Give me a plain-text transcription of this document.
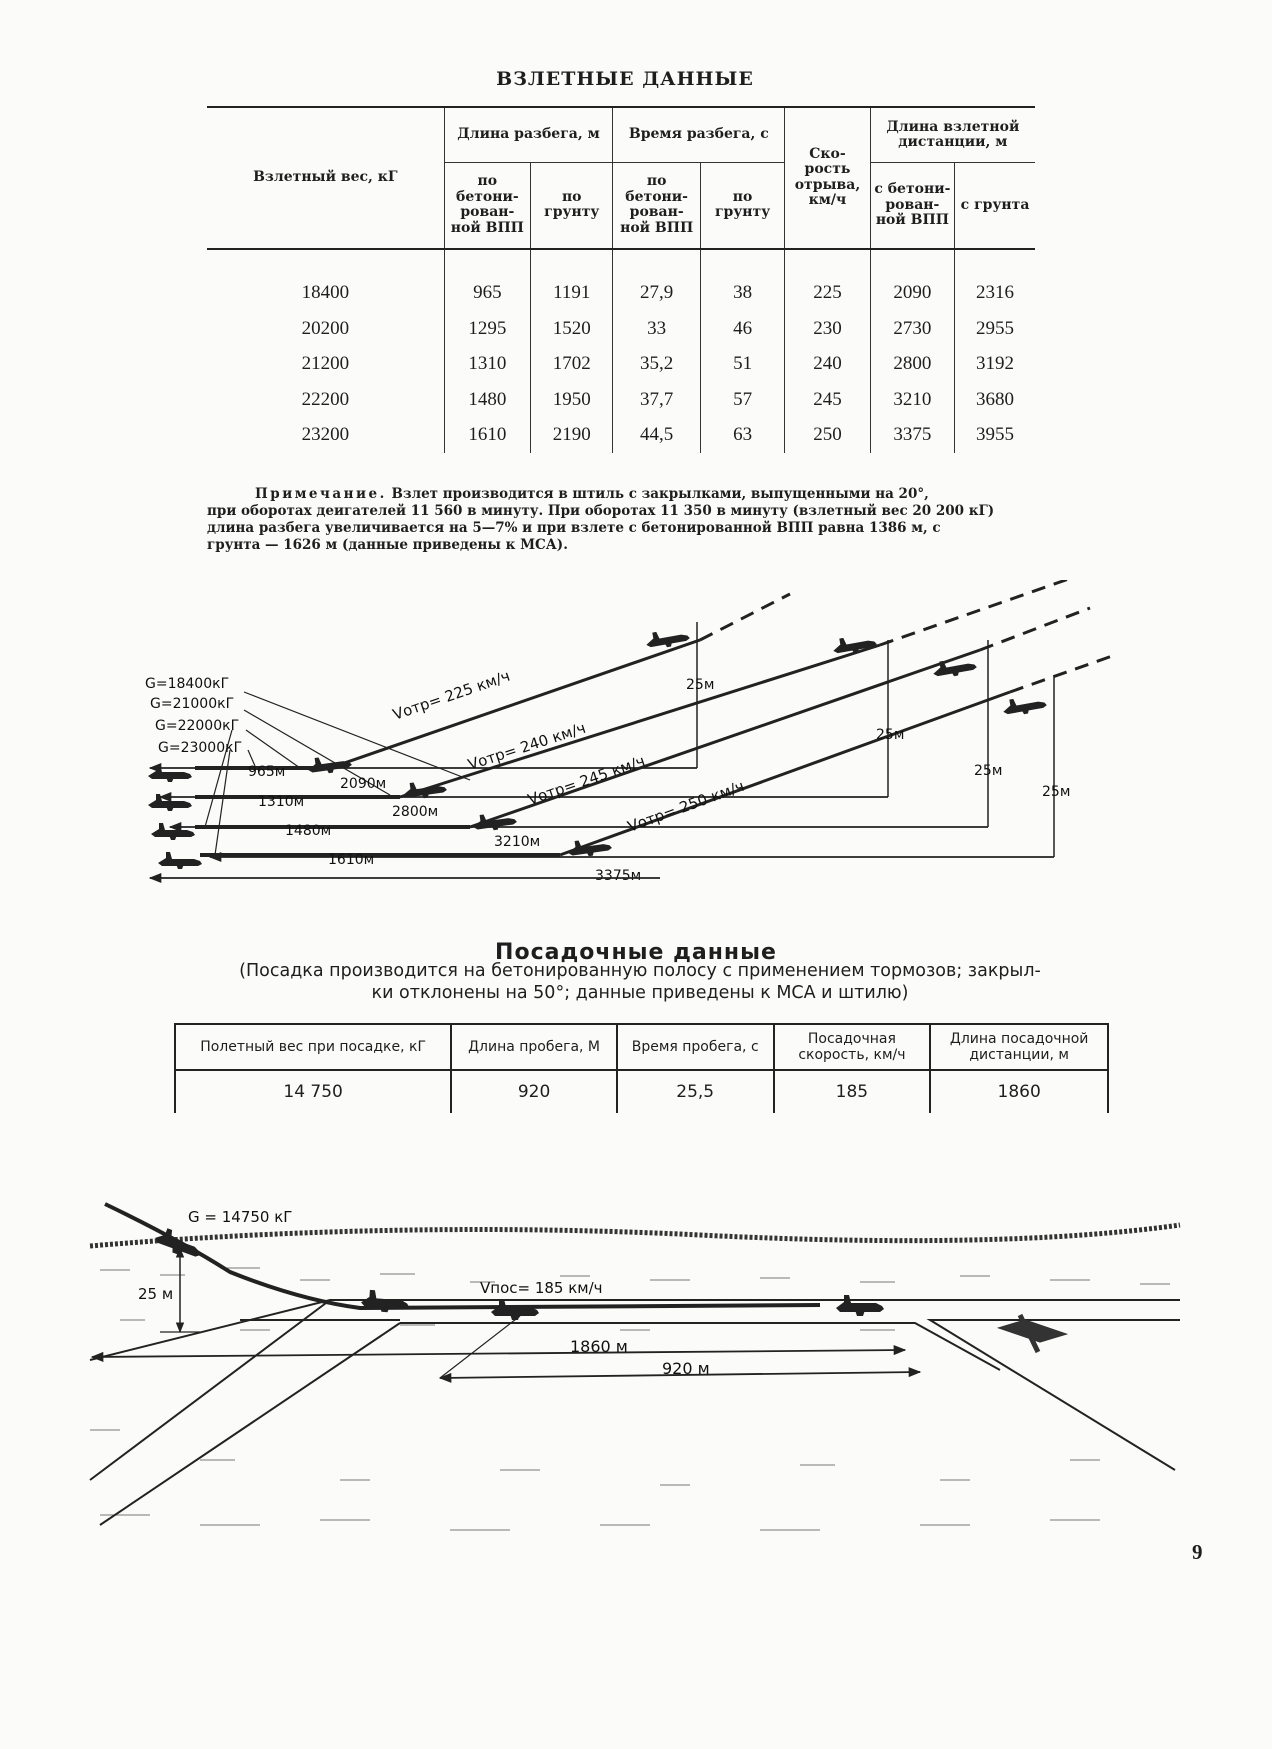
ВЗЛЕТНЫЕ ДАННЫЕ
Взлетный вес, кГ	Длина разбега, м		Время разбега, с		Ско-рость отрыва, км/ч	Длина взлетной дистанции, м	
	по бетони-рован-ной ВПП	по грунту	по бетони-рован-ной ВПП	по грунту		с бетони-рован-ной ВПП	с грунта
18400	965	1191	27,9	38	225	2090	2316
20200	1295	1520	33	46	230	2730	2955
21200	1310	1702	35,2	51	240	2800	3192
22200	1480	1950	37,7	57	245	3210	3680
23200	1610	2190	44,5	63	250	3375	3955
Примечание. Взлет производится в штиль с закрылками, выпущенными на 20°,
при оборотах деигателей 11 560 в минуту. При оборотах 11 350 в минуту (взлетный вес 20 200 кГ) длина разбега увеличивается на 5—7% и при взлете с бетонированной ВПП равна 1386 м, с грунта — 1626 м (данные приведены к МСА).
G=18400кГ
G=21000кГ
G=22000кГ
G=23000кГ
Vотр= 225 км/ч
Vотр= 240 км/ч
Vотр= 245 км/ч
Vотр= 250 км/ч
965м
1310м
1480м
1610м
2090м
2800м
3210м
3375м
25м
25м
25м
25м
Посадочные данные
(Посадка производится на бетонированную полосу с применением тормозов; закрыл-
ки отклонены на 50°; данные приведены к МСА и штилю)
Полетный вес при посадке, кГ	Длина пробега, М	Время пробега, с	Посадочная скорость, км/ч	Длина посадочной дистанции, м
14 750	920	25,5	185	1860
G = 14750 кГ
25 м	Vпос= 185 км/ч
1860 м
920 м
9
